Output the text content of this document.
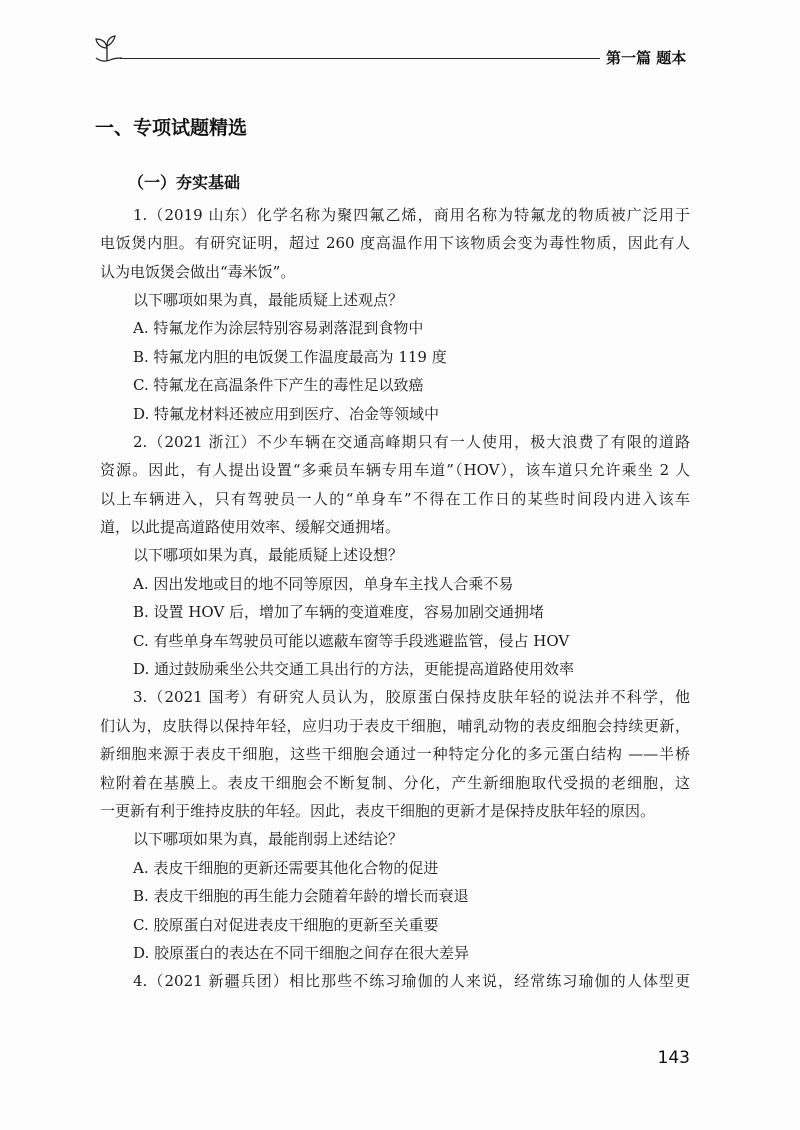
第一篇 题本
一、专项试题精选
（一）夯实基础
1.（2019 山东）化学名称为聚四氟乙烯，商用名称为特氟龙的物质被广泛用于
电饭煲内胆。有研究证明，超过 260 度高温作用下该物质会变为毒性物质，因此有人
认为电饭煲会做出“毒米饭”。
以下哪项如果为真，最能质疑上述观点？
A. 特氟龙作为涂层特别容易剥落混到食物中
B. 特氟龙内胆的电饭煲工作温度最高为 119 度
C. 特氟龙在高温条件下产生的毒性足以致癌
D. 特氟龙材料还被应用到医疗、冶金等领域中
2.（2021 浙江）不少车辆在交通高峰期只有一人使用，极大浪费了有限的道路
资源。因此，有人提出设置“多乘员车辆专用车道”（HOV），该车道只允许乘坐 2 人
以上车辆进入，只有驾驶员一人的“单身车”不得在工作日的某些时间段内进入该车
道，以此提高道路使用效率、缓解交通拥堵。
以下哪项如果为真，最能质疑上述设想？
A. 因出发地或目的地不同等原因，单身车主找人合乘不易
B. 设置 HOV 后，增加了车辆的变道难度，容易加剧交通拥堵
C. 有些单身车驾驶员可能以遮蔽车窗等手段逃避监管，侵占 HOV
D. 通过鼓励乘坐公共交通工具出行的方法，更能提高道路使用效率
3.（2021 国考）有研究人员认为，胶原蛋白保持皮肤年轻的说法并不科学，他
们认为，皮肤得以保持年轻，应归功于表皮干细胞，哺乳动物的表皮细胞会持续更新，
新细胞来源于表皮干细胞，这些干细胞会通过一种特定分化的多元蛋白结构 ——半桥
粒附着在基膜上。表皮干细胞会不断复制、分化，产生新细胞取代受损的老细胞，这
一更新有利于维持皮肤的年轻。因此，表皮干细胞的更新才是保持皮肤年轻的原因。
以下哪项如果为真，最能削弱上述结论？
A. 表皮干细胞的更新还需要其他化合物的促进
B. 表皮干细胞的再生能力会随着年龄的增长而衰退
C. 胶原蛋白对促进表皮干细胞的更新至关重要
D. 胶原蛋白的表达在不同干细胞之间存在很大差异
4.（2021 新疆兵团）相比那些不练习瑜伽的人来说，经常练习瑜伽的人体型更
143
